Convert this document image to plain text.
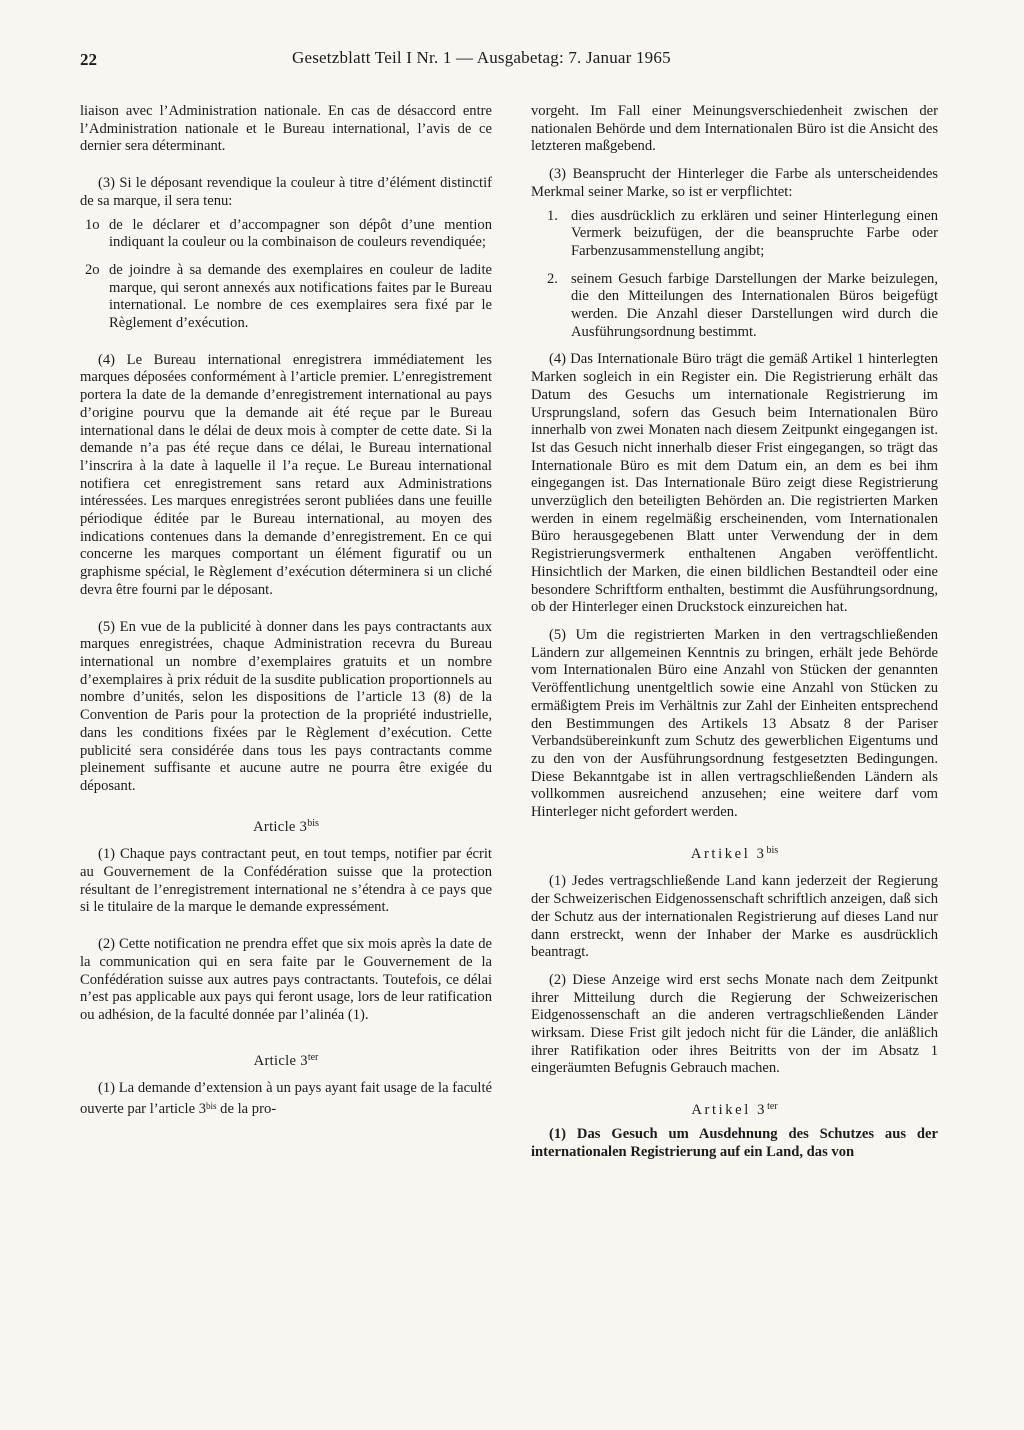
22	Gesetzblatt Teil I Nr. 1 — Ausgabetag: 7. Januar 1965

liaison avec l’Administration nationale. En cas de désaccord entre l’Administration nationale et le Bureau international, l’avis de ce dernier sera déterminant.

(3) Si le déposant revendique la couleur à titre d’élément distinctif de sa marque, il sera tenu:

1o de le déclarer et d’accompagner son dépôt d’une mention indiquant la couleur ou la combinaison de couleurs revendiquée;
2o de joindre à sa demande des exemplaires en couleur de ladite marque, qui seront annexés aux notifications faites par le Bureau international. Le nombre de ces exemplaires sera fixé par le Règlement d’exécution.

(4) Le Bureau international enregistrera immédiatement les marques déposées conformément à l’article premier. L’enregistrement portera la date de la demande d’enregistrement international au pays d’origine pourvu que la demande ait été reçue par le Bureau international dans le délai de deux mois à compter de cette date. Si la demande n’a pas été reçue dans ce délai, le Bureau international l’inscrira à la date à laquelle il l’a reçue. Le Bureau international notifiera cet enregistrement sans retard aux Administrations intéressées. Les marques enregistrées seront publiées dans une feuille périodique éditée par le Bureau international, au moyen des indications contenues dans la demande d’enregistrement. En ce qui concerne les marques comportant un élément figuratif ou un graphisme spécial, le Règlement d’exécution déterminera si un cliché devra être fourni par le déposant.

(5) En vue de la publicité à donner dans les pays contractants aux marques enregistrées, chaque Administration recevra du Bureau international un nombre d’exemplaires gratuits et un nombre d’exemplaires à prix réduit de la susdite publication proportionnels au nombre d’unités, selon les dispositions de l’article 13 (8) de la Convention de Paris pour la protection de la propriété industrielle, dans les conditions fixées par le Règlement d’exécution. Cette publicité sera considérée dans tous les pays contractants comme pleinement suffisante et aucune autre ne pourra être exigée du déposant.

Article $3^{bis}$

(1) Chaque pays contractant peut, en tout temps, notifier par écrit au Gouvernement de la Confédération suisse que la protection résultant de l’enregistrement international ne s’étendra à ce pays que si le titulaire de la marque le demande expressément.

(2) Cette notification ne prendra effet que six mois après la date de la communication qui en sera faite par le Gouvernement de la Confédération suisse aux autres pays contractants. Toutefois, ce délai n’est pas applicable aux pays qui feront usage, lors de leur ratification ou adhésion, de la faculté donnée par l’alinéa (1).

Article $3^{ter}$

(1) La demande d’extension à un pays ayant fait usage de la faculté ouverte par l’article $3^{bis}$ de la pro-

vorgeht. Im Fall einer Meinungsverschiedenheit zwischen der nationalen Behörde und dem Internationalen Büro ist die Ansicht des letzteren maßgebend.

(3) Beansprucht der Hinterleger die Farbe als unterscheidendes Merkmal seiner Marke, so ist er verpflichtet:

1. dies ausdrücklich zu erklären und seiner Hinterlegung einen Vermerk beizufügen, der die beanspruchte Farbe oder Farbenzusammenstellung angibt;
2. seinem Gesuch farbige Darstellungen der Marke beizulegen, die den Mitteilungen des Internationalen Büros beigefügt werden. Die Anzahl dieser Darstellungen wird durch die Ausführungsordnung bestimmt.

(4) Das Internationale Büro trägt die gemäß Artikel 1 hinterlegten Marken sogleich in ein Register ein. Die Registrierung erhält das Datum des Gesuchs um internationale Registrierung im Ursprungsland, sofern das Gesuch beim Internationalen Büro innerhalb von zwei Monaten nach diesem Zeitpunkt eingegangen ist. Ist das Gesuch nicht innerhalb dieser Frist eingegangen, so trägt das Internationale Büro es mit dem Datum ein, an dem es bei ihm eingegangen ist. Das Internationale Büro zeigt diese Registrierung unverzüglich den beteiligten Behörden an. Die registrierten Marken werden in einem regelmäßig erscheinenden, vom Internationalen Büro herausgegebenen Blatt unter Verwendung der in dem Registrierungsvermerk enthaltenen Angaben veröffentlicht. Hinsichtlich der Marken, die einen bildlichen Bestandteil oder eine besondere Schriftform enthalten, bestimmt die Ausführungsordnung, ob der Hinterleger einen Druckstock einzureichen hat.

(5) Um die registrierten Marken in den vertragschließenden Ländern zur allgemeinen Kenntnis zu bringen, erhält jede Behörde vom Internationalen Büro eine Anzahl von Stücken der genannten Veröffentlichung unentgeltlich sowie eine Anzahl von Stücken zu ermäßigtem Preis im Verhältnis zur Zahl der Einheiten entsprechend den Bestimmungen des Artikels 13 Absatz 8 der Pariser Verbandsübereinkunft zum Schutz des gewerblichen Eigentums und zu den von der Ausführungsordnung festgesetzten Bedingungen. Diese Bekanntgabe ist in allen vertragschließenden Ländern als vollkommen ausreichend anzusehen; eine weitere darf vom Hinterleger nicht gefordert werden.

Artikel $3^{bis}$

(1) Jedes vertragschließende Land kann jederzeit der Regierung der Schweizerischen Eidgenossenschaft schriftlich anzeigen, daß sich der Schutz aus der internationalen Registrierung auf dieses Land nur dann erstreckt, wenn der Inhaber der Marke es ausdrücklich beantragt.

(2) Diese Anzeige wird erst sechs Monate nach dem Zeitpunkt ihrer Mitteilung durch die Regierung der Schweizerischen Eidgenossenschaft an die anderen vertragschließenden Länder wirksam. Diese Frist gilt jedoch nicht für die Länder, die anläßlich ihrer Ratifikation oder ihres Beitritts von der im Absatz 1 eingeräumten Befugnis Gebrauch machen.

Artikel $3^{ter}$

(1) Das Gesuch um Ausdehnung des Schutzes aus der internationalen Registrierung auf ein Land, das von
